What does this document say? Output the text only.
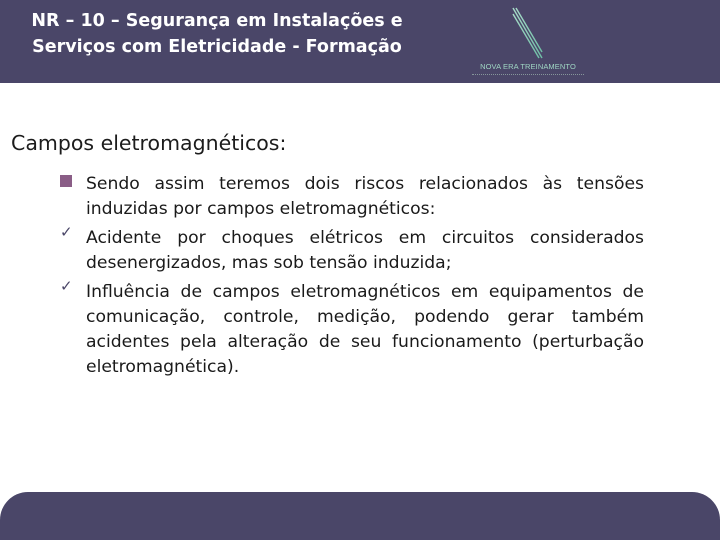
NR – 10 – Segurança em Instalações e
Serviços com Eletricidade - Formação
NOVA ERA TREINAMENTO
Campos eletromagnéticos:
Sendo assim teremos dois riscos relacionados às tensões induzidas por campos eletromagnéticos:
✓ Acidente por choques elétricos em circuitos considerados desenergizados, mas sob tensão induzida;
✓ Influência de campos eletromagnéticos em equipamentos de comunicação, controle, medição, podendo gerar também acidentes pela alteração de seu funcionamento (perturbação eletromagnética).
